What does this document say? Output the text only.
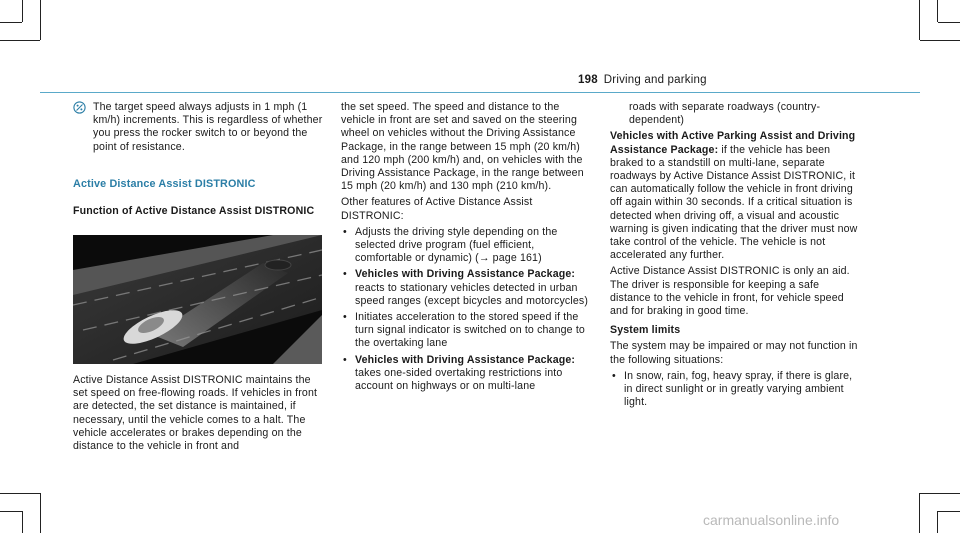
198 Driving and parking

The target speed always adjusts in 1 mph (1 km/h) increments. This is regardless of whether you press the rocker switch to or beyond the point of resistance.

Active Distance Assist DISTRONIC

Function of Active Distance Assist DISTRONIC

Active Distance Assist DISTRONIC maintains the set speed on free-flowing roads. If vehicles in front are detected, the set distance is maintained, if necessary, until the vehicle comes to a halt. The vehicle accelerates or brakes depending on the distance to the vehicle in front and

the set speed. The speed and distance to the vehicle in front are set and saved on the steering wheel on vehicles without the Driving Assistance Package, in the range between 15 mph (20 km/h) and 120 mph (200 km/h) and, on vehicles with the Driving Assistance Package, in the range between 15 mph (20 km/h) and 130 mph (210 km/h).

Other features of Active Distance Assist DISTRONIC:

• Adjusts the driving style depending on the selected drive program (fuel efficient, comfortable or dynamic) (→ page 161)
• Vehicles with Driving Assistance Package: reacts to stationary vehicles detected in urban speed ranges (except bicycles and motorcycles)
• Initiates acceleration to the stored speed if the turn signal indicator is switched on to change to the overtaking lane
• Vehicles with Driving Assistance Package: takes one-sided overtaking restrictions into account on highways or on multi-lane

roads with separate roadways (country-dependent)

Vehicles with Active Parking Assist and Driving Assistance Package: if the vehicle has been braked to a standstill on multi-lane, separate roadways by Active Distance Assist DISTRONIC, it can automatically follow the vehicle in front driving off again within 30 seconds. If a critical situation is detected when driving off, a visual and acoustic warning is given indicating that the driver must now take control of the vehicle. The vehicle is not accelerated any further.

Active Distance Assist DISTRONIC is only an aid. The driver is responsible for keeping a safe distance to the vehicle in front, for vehicle speed and for braking in good time.

System limits

The system may be impaired or may not function in the following situations:

• In snow, rain, fog, heavy spray, if there is glare, in direct sunlight or in greatly varying ambient light.
carmanualsonline.info
